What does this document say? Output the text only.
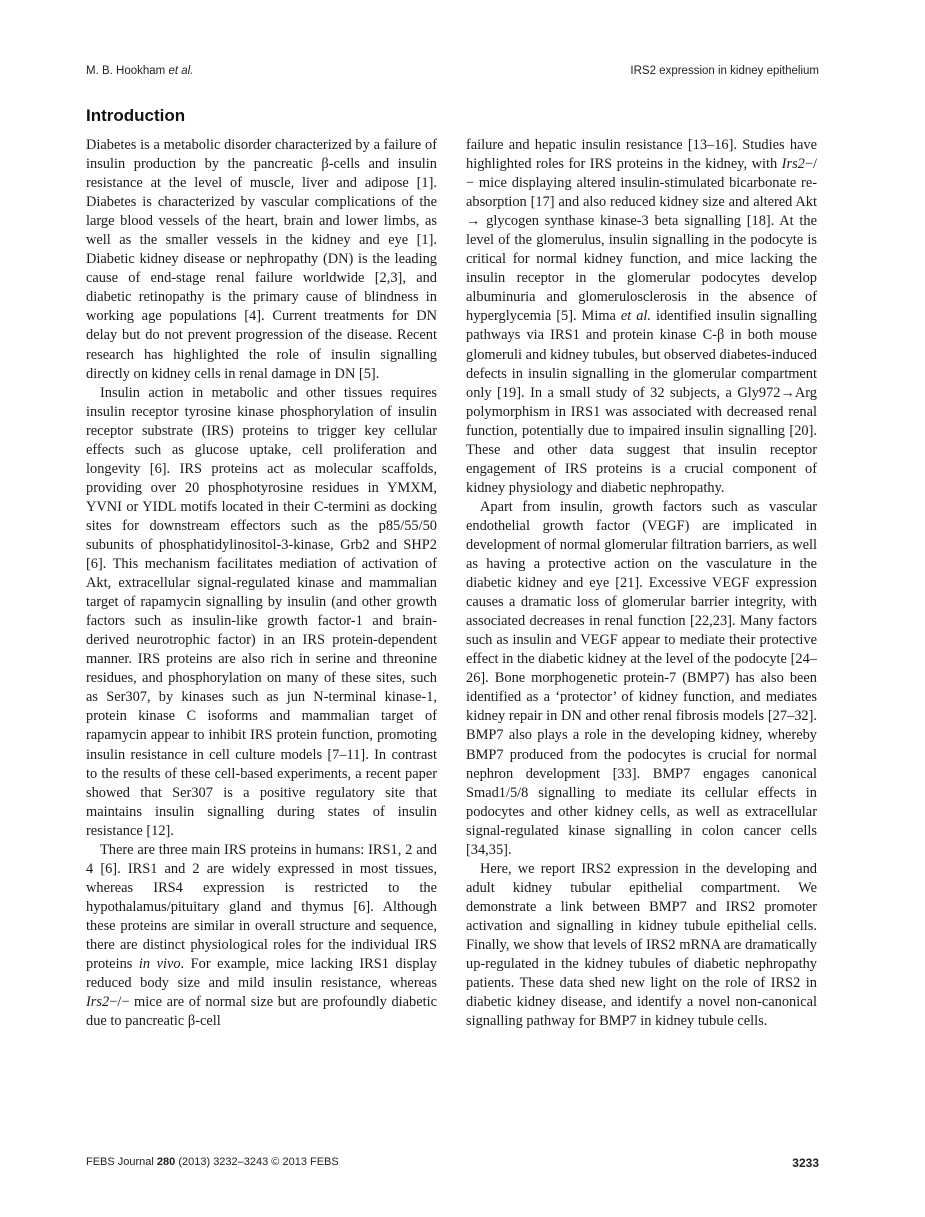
M. B. Hookham et al.	IRS2 expression in kidney epithelium
Introduction

Diabetes is a metabolic disorder characterized by a failure of insulin production by the pancreatic β-cells and insulin resistance at the level of muscle, liver and adipose [1]. Diabetes is characterized by vascular complications of the large blood vessels of the heart, brain and lower limbs, as well as the smaller vessels in the kidney and eye [1]. Diabetic kidney disease or nephropathy (DN) is the leading cause of end-stage renal failure worldwide [2,3], and diabetic retinopathy is the primary cause of blindness in working age populations [4]. Current treatments for DN delay but do not prevent progression of the disease. Recent research has highlighted the role of insulin signalling directly on kidney cells in renal damage in DN [5].

Insulin action in metabolic and other tissues requires insulin receptor tyrosine kinase phosphorylation of insulin receptor substrate (IRS) proteins to trigger key cellular effects such as glucose uptake, cell proliferation and longevity [6]. IRS proteins act as molecular scaffolds, providing over 20 phosphotyrosine residues in YMXM, YVNI or YIDL motifs located in their C-termini as docking sites for downstream effectors such as the p85/55/50 subunits of phosphatidylinositol-3-kinase, Grb2 and SHP2 [6]. This mechanism facilitates mediation of activation of Akt, extracellular signal-regulated kinase and mammalian target of rapamycin signalling by insulin (and other growth factors such as insulin-like growth factor-1 and brain-derived neurotrophic factor) in an IRS protein-dependent manner. IRS proteins are also rich in serine and threonine residues, and phosphorylation on many of these sites, such as Ser307, by kinases such as jun N-terminal kinase-1, protein kinase C isoforms and mammalian target of rapamycin appear to inhibit IRS protein function, promoting insulin resistance in cell culture models [7–11]. In contrast to the results of these cell-based experiments, a recent paper showed that Ser307 is a positive regulatory site that maintains insulin signalling during states of insulin resistance [12].

There are three main IRS proteins in humans: IRS1, 2 and 4 [6]. IRS1 and 2 are widely expressed in most tissues, whereas IRS4 expression is restricted to the hypothalamus/pituitary gland and thymus [6]. Although these proteins are similar in overall structure and sequence, there are distinct physiological roles for the individual IRS proteins in vivo. For example, mice lacking IRS1 display reduced body size and mild insulin resistance, whereas Irs2−/− mice are of normal size but are profoundly diabetic due to pancreatic β-cell

failure and hepatic insulin resistance [13–16]. Studies have highlighted roles for IRS proteins in the kidney, with Irs2−/− mice displaying altered insulin-stimulated bicarbonate re-absorption [17] and also reduced kidney size and altered Akt → glycogen synthase kinase-3 beta signalling [18]. At the level of the glomerulus, insulin signalling in the podocyte is critical for normal kidney function, and mice lacking the insulin receptor in the glomerular podocytes develop albuminuria and glomerulosclerosis in the absence of hyperglycemia [5]. Mima et al. identified insulin signalling pathways via IRS1 and protein kinase C-β in both mouse glomeruli and kidney tubules, but observed diabetes-induced defects in insulin signalling in the glomerular compartment only [19]. In a small study of 32 subjects, a Gly972→Arg polymorphism in IRS1 was associated with decreased renal function, potentially due to impaired insulin signalling [20]. These and other data suggest that insulin receptor engagement of IRS proteins is a crucial component of kidney physiology and diabetic nephropathy.

Apart from insulin, growth factors such as vascular endothelial growth factor (VEGF) are implicated in development of normal glomerular filtration barriers, as well as having a protective action on the vasculature in the diabetic kidney and eye [21]. Excessive VEGF expression causes a dramatic loss of glomerular barrier integrity, with associated decreases in renal function [22,23]. Many factors such as insulin and VEGF appear to mediate their protective effect in the diabetic kidney at the level of the podocyte [24–26]. Bone morphogenetic protein-7 (BMP7) has also been identified as a ‘protector’ of kidney function, and mediates kidney repair in DN and other renal fibrosis models [27–32]. BMP7 also plays a role in the developing kidney, whereby BMP7 produced from the podocytes is crucial for normal nephron development [33]. BMP7 engages canonical Smad1/5/8 signalling to mediate its cellular effects in podocytes and other kidney cells, as well as extracellular signal-regulated kinase signalling in colon cancer cells [34,35].

Here, we report IRS2 expression in the developing and adult kidney tubular epithelial compartment. We demonstrate a link between BMP7 and IRS2 promoter activation and signalling in kidney tubule epithelial cells. Finally, we show that levels of IRS2 mRNA are dramatically up-regulated in the kidney tubules of diabetic nephropathy patients. These data shed new light on the role of IRS2 in diabetic kidney disease, and identify a novel non-canonical signalling pathway for BMP7 in kidney tubule cells.

FEBS Journal 280 (2013) 3232–3243 © 2013 FEBS	3233
